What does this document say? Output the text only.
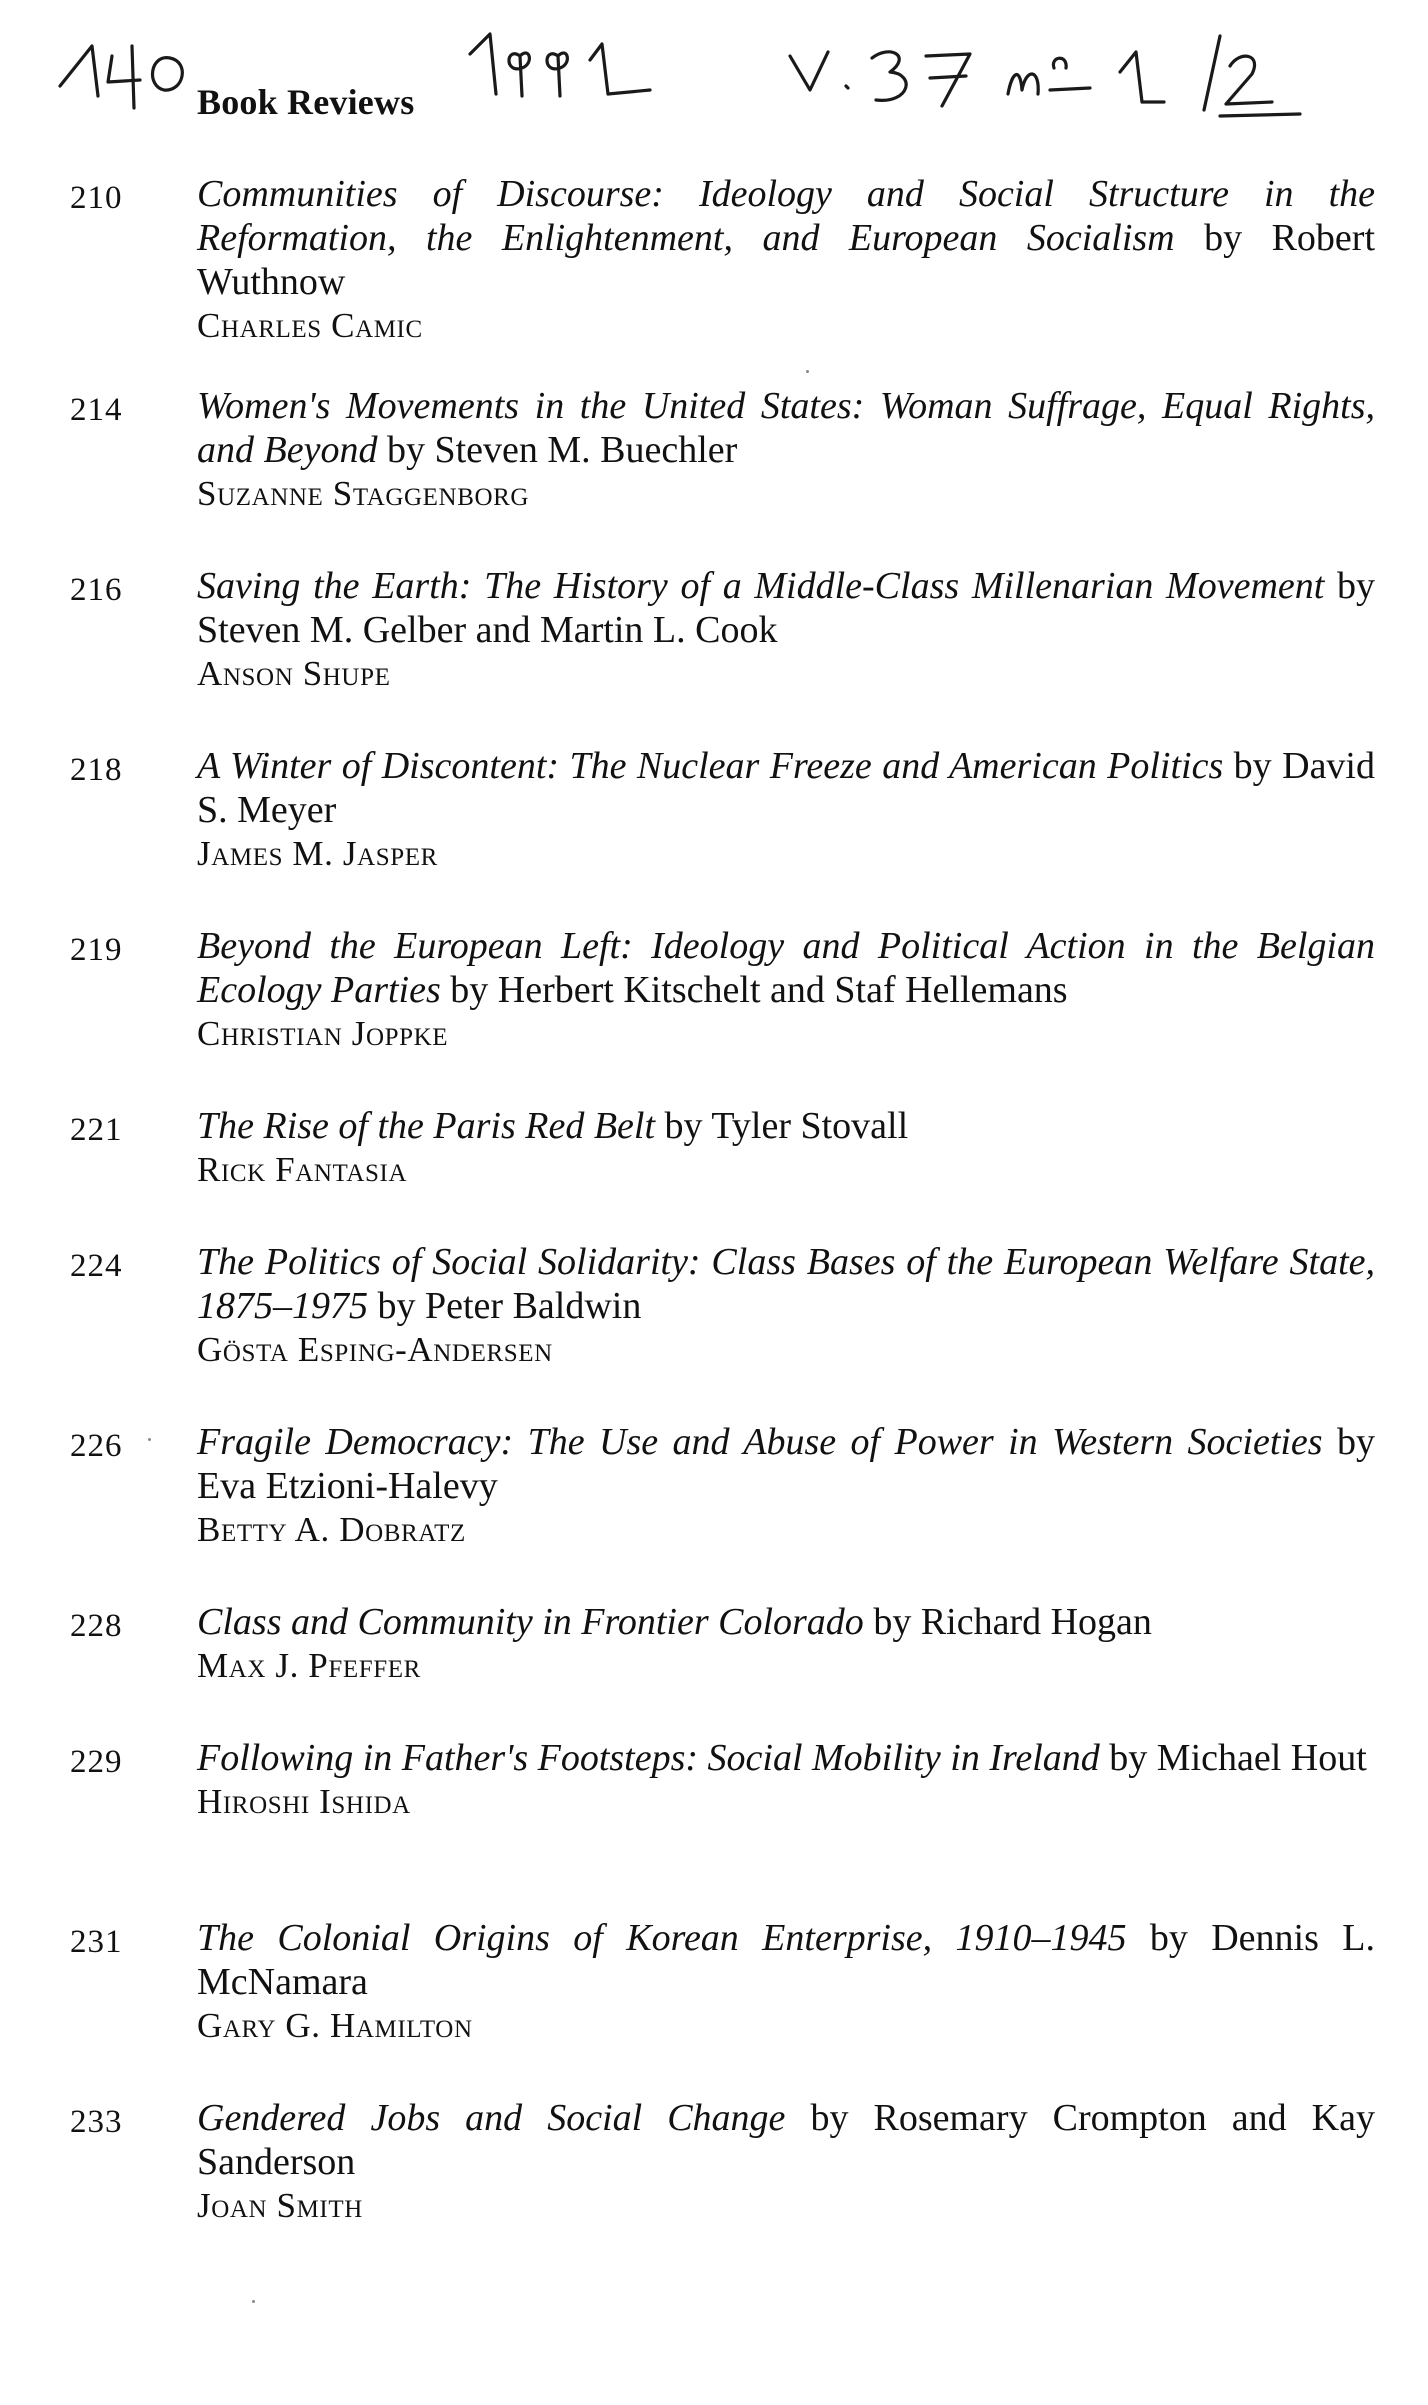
Book Reviews
210	Communities of Discourse: Ideology and Social Structure in the Reformation, the Enlightenment, and European Socialism by Robert Wuthnow
Charles Camic
214	Women's Movements in the United States: Woman Suffrage, Equal Rights, and Beyond by Steven M. Buechler
Suzanne Staggenborg
216	Saving the Earth: The History of a Middle-Class Millenarian Movement by Steven M. Gelber and Martin L. Cook
Anson Shupe
218	A Winter of Discontent: The Nuclear Freeze and American Politics by David S. Meyer
James M. Jasper
219	Beyond the European Left: Ideology and Political Action in the Belgian Ecology Parties by Herbert Kitschelt and Staf Hellemans
Christian Joppke
221	The Rise of the Paris Red Belt by Tyler Stovall
Rick Fantasia
224	The Politics of Social Solidarity: Class Bases of the European Welfare State, 1875–1975 by Peter Baldwin
Gösta Esping-Andersen
226	Fragile Democracy: The Use and Abuse of Power in Western Societies by Eva Etzioni-Halevy
Betty A. Dobratz
228	Class and Community in Frontier Colorado by Richard Hogan
Max J. Pfeffer
229	Following in Father's Footsteps: Social Mobility in Ireland by Michael Hout
Hiroshi Ishida
231	The Colonial Origins of Korean Enterprise, 1910–1945 by Dennis L. McNamara
Gary G. Hamilton
233	Gendered Jobs and Social Change by Rosemary Crompton and Kay Sanderson
Joan Smith
